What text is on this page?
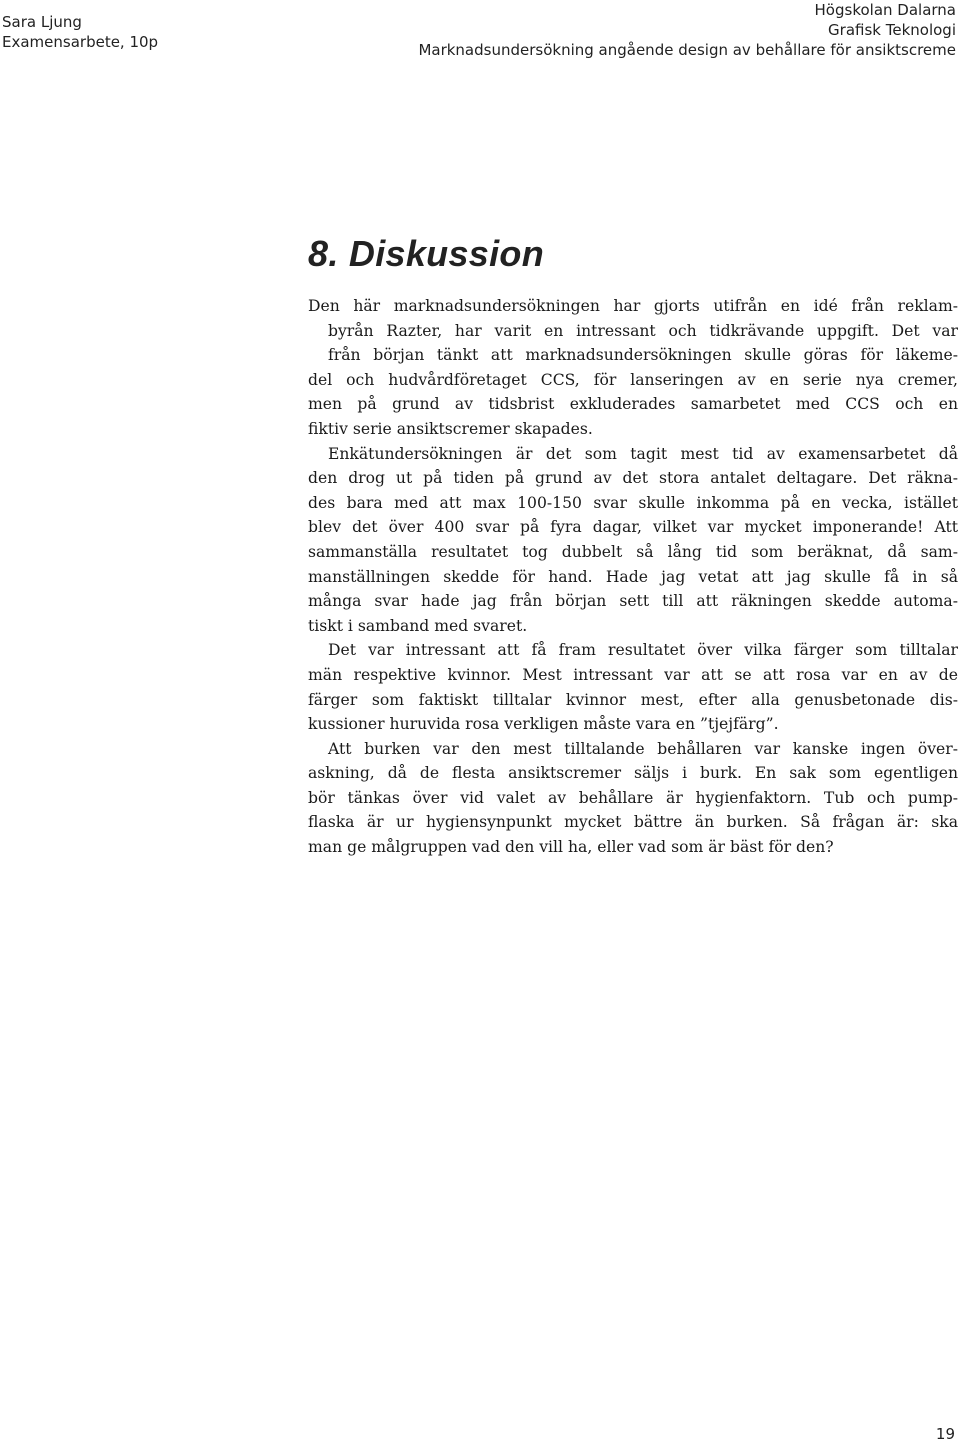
Sara Ljung
Examensarbete, 10p
Högskolan Dalarna
Grafisk Teknologi
Marknadsundersökning angående design av behållare för ansiktscreme
8. Diskussion
Den här marknadsundersökningen har gjorts utifrån en idé från reklam-
byrån Razter, har varit en intressant och tidkrävande uppgift. Det var
från början tänkt att marknadsundersökningen skulle göras för läkeme-
del och hudvårdföretaget CCS, för lanseringen av en serie nya cremer,
men på grund av tidsbrist exkluderades samarbetet med CCS och en
fiktiv serie ansiktscremer skapades.
Enkätundersökningen är det som tagit mest tid av examensarbetet då
den drog ut på tiden på grund av det stora antalet deltagare. Det räkna-
des bara med att max 100-150 svar skulle inkomma på en vecka, istället
blev det över 400 svar på fyra dagar, vilket var mycket imponerande! Att
sammanställa resultatet tog dubbelt så lång tid som beräknat, då sam-
manställningen skedde för hand. Hade jag vetat att jag skulle få in så
många svar hade jag från början sett till att räkningen skedde automa-
tiskt i samband med svaret.
Det var intressant att få fram resultatet över vilka färger som tilltalar
män respektive kvinnor. Mest intressant var att se att rosa var en av de
färger som faktiskt tilltalar kvinnor mest, efter alla genusbetonade dis-
kussioner huruvida rosa verkligen måste vara en ”tjejfärg”.
Att burken var den mest tilltalande behållaren var kanske ingen över-
askning, då de flesta ansiktscremer säljs i burk. En sak som egentligen
bör tänkas över vid valet av behållare är hygienfaktorn. Tub och pump-
flaska är ur hygiensynpunkt mycket bättre än burken. Så frågan är: ska
man ge målgruppen vad den vill ha, eller vad som är bäst för den?
19
